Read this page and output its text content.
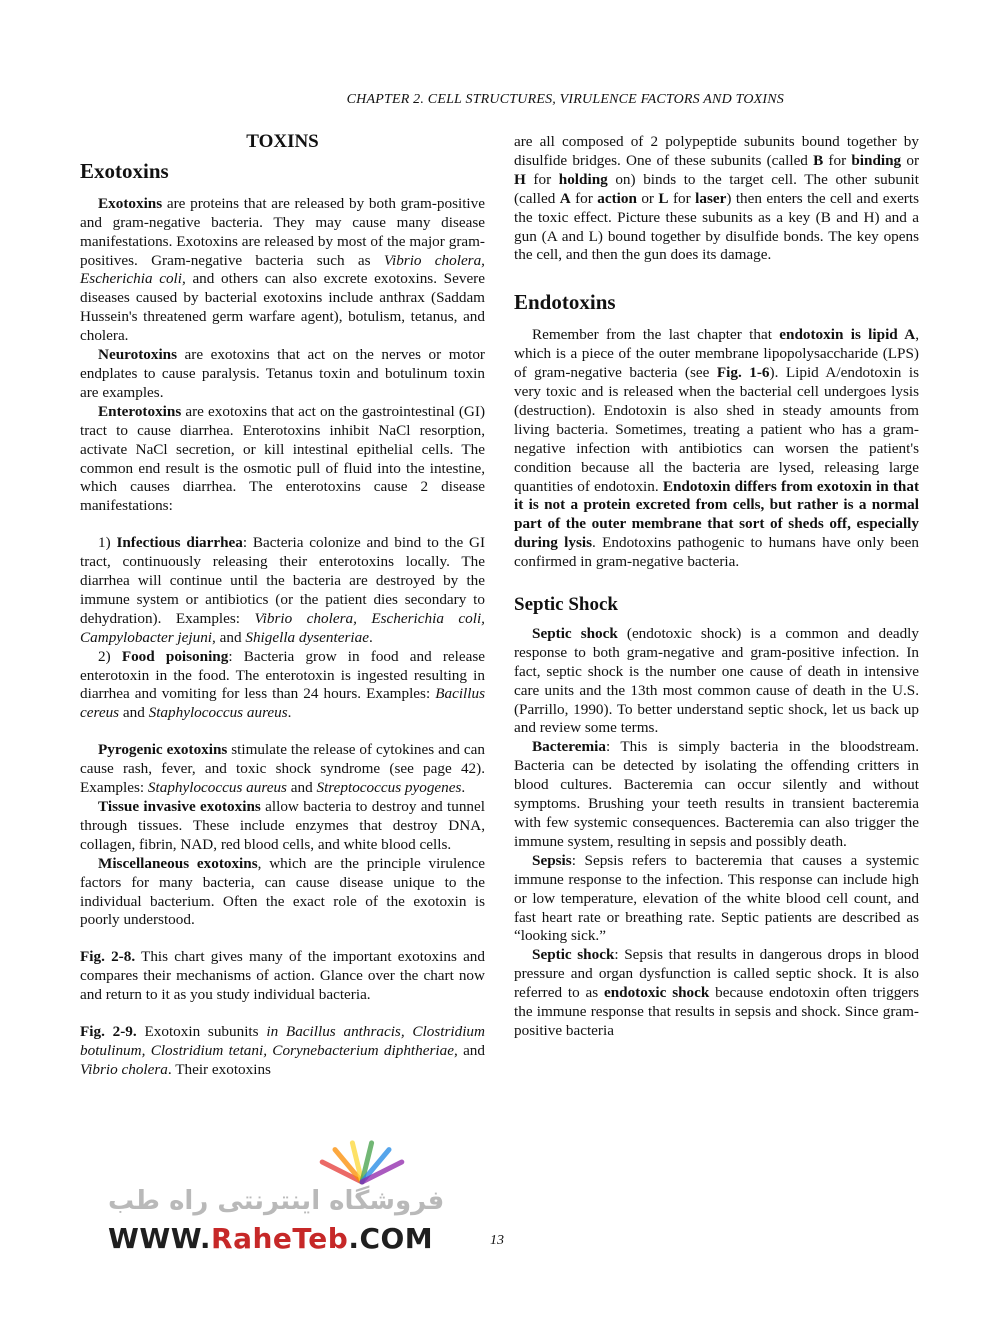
CHAPTER 2. CELL STRUCTURES, VIRULENCE FACTORS AND TOXINS
TOXINS
Exotoxins

Exotoxins are proteins that are released by both gram-positive and gram-negative bacteria. They may cause many disease manifestations. Exotoxins are released by most of the major gram-positives. Gram-negative bacteria such as Vibrio cholera, Escherichia coli, and others can also excrete exotoxins. Severe diseases caused by bacterial exotoxins include anthrax (Saddam Hussein's threatened germ warfare agent), botulism, tetanus, and cholera.

Neurotoxins are exotoxins that act on the nerves or motor endplates to cause paralysis. Tetanus toxin and botulinum toxin are examples.

Enterotoxins are exotoxins that act on the gastrointestinal (GI) tract to cause diarrhea. Enterotoxins inhibit NaCl resorption, activate NaCl secretion, or kill intestinal epithelial cells. The common end result is the osmotic pull of fluid into the intestine, which causes diarrhea. The enterotoxins cause 2 disease manifestations:

1) Infectious diarrhea: Bacteria colonize and bind to the GI tract, continuously releasing their enterotoxins locally. The diarrhea will continue until the bacteria are destroyed by the immune system or antibiotics (or the patient dies secondary to dehydration). Examples: Vibrio cholera, Escherichia coli, Campylobacter jejuni, and Shigella dysenteriae.

2) Food poisoning: Bacteria grow in food and release enterotoxin in the food. The enterotoxin is ingested resulting in diarrhea and vomiting for less than 24 hours. Examples: Bacillus cereus and Staphylococcus aureus.

Pyrogenic exotoxins stimulate the release of cytokines and can cause rash, fever, and toxic shock syndrome (see page 42). Examples: Staphylococcus aureus and Streptococcus pyogenes.

Tissue invasive exotoxins allow bacteria to destroy and tunnel through tissues. These include enzymes that destroy DNA, collagen, fibrin, NAD, red blood cells, and white blood cells.

Miscellaneous exotoxins, which are the principle virulence factors for many bacteria, can cause disease unique to the individual bacterium. Often the exact role of the exotoxin is poorly understood.

Fig. 2-8. This chart gives many of the important exotoxins and compares their mechanisms of action. Glance over the chart now and return to it as you study individual bacteria.

Fig. 2-9. Exotoxin subunits in Bacillus anthracis, Clostridium botulinum, Clostridium tetani, Corynebacterium diphtheriae, and Vibrio cholera. Their exotoxins

are all composed of 2 polypeptide subunits bound together by disulfide bridges. One of these subunits (called B for binding or H for holding on) binds to the target cell. The other subunit (called A for action or L for laser) then enters the cell and exerts the toxic effect. Picture these subunits as a key (B and H) and a gun (A and L) bound together by disulfide bonds. The key opens the cell, and then the gun does its damage.

Endotoxins

Remember from the last chapter that endotoxin is lipid A, which is a piece of the outer membrane lipopolysaccharide (LPS) of gram-negative bacteria (see Fig. 1-6). Lipid A/endotoxin is very toxic and is released when the bacterial cell undergoes lysis (destruction). Endotoxin is also shed in steady amounts from living bacteria. Sometimes, treating a patient who has a gram-negative infection with antibiotics can worsen the patient's condition because all the bacteria are lysed, releasing large quantities of endotoxin. Endotoxin differs from exotoxin in that it is not a protein excreted from cells, but rather is a normal part of the outer membrane that sort of sheds off, especially during lysis. Endotoxins pathogenic to humans have only been confirmed in gram-negative bacteria.

Septic Shock

Septic shock (endotoxic shock) is a common and deadly response to both gram-negative and gram-positive infection. In fact, septic shock is the number one cause of death in intensive care units and the 13th most common cause of death in the U.S. (Parrillo, 1990). To better understand septic shock, let us back up and review some terms.

Bacteremia: This is simply bacteria in the bloodstream. Bacteria can be detected by isolating the offending critters in blood cultures. Bacteremia can occur silently and without symptoms. Brushing your teeth results in transient bacteremia with few systemic consequences. Bacteremia can also trigger the immune system, resulting in sepsis and possibly death.

Sepsis: Sepsis refers to bacteremia that causes a systemic immune response to the infection. This response can include high or low temperature, elevation of the white blood cell count, and fast heart rate or breathing rate. Septic patients are described as “looking sick.”

Septic shock: Sepsis that results in dangerous drops in blood pressure and organ dysfunction is called septic shock. It is also referred to as endotoxic shock because endotoxin often triggers the immune response that results in sepsis and shock. Since gram-positive bacteria

فروشگاه اینترنتی راه طب
WWW.RaheTeb.COM	13
